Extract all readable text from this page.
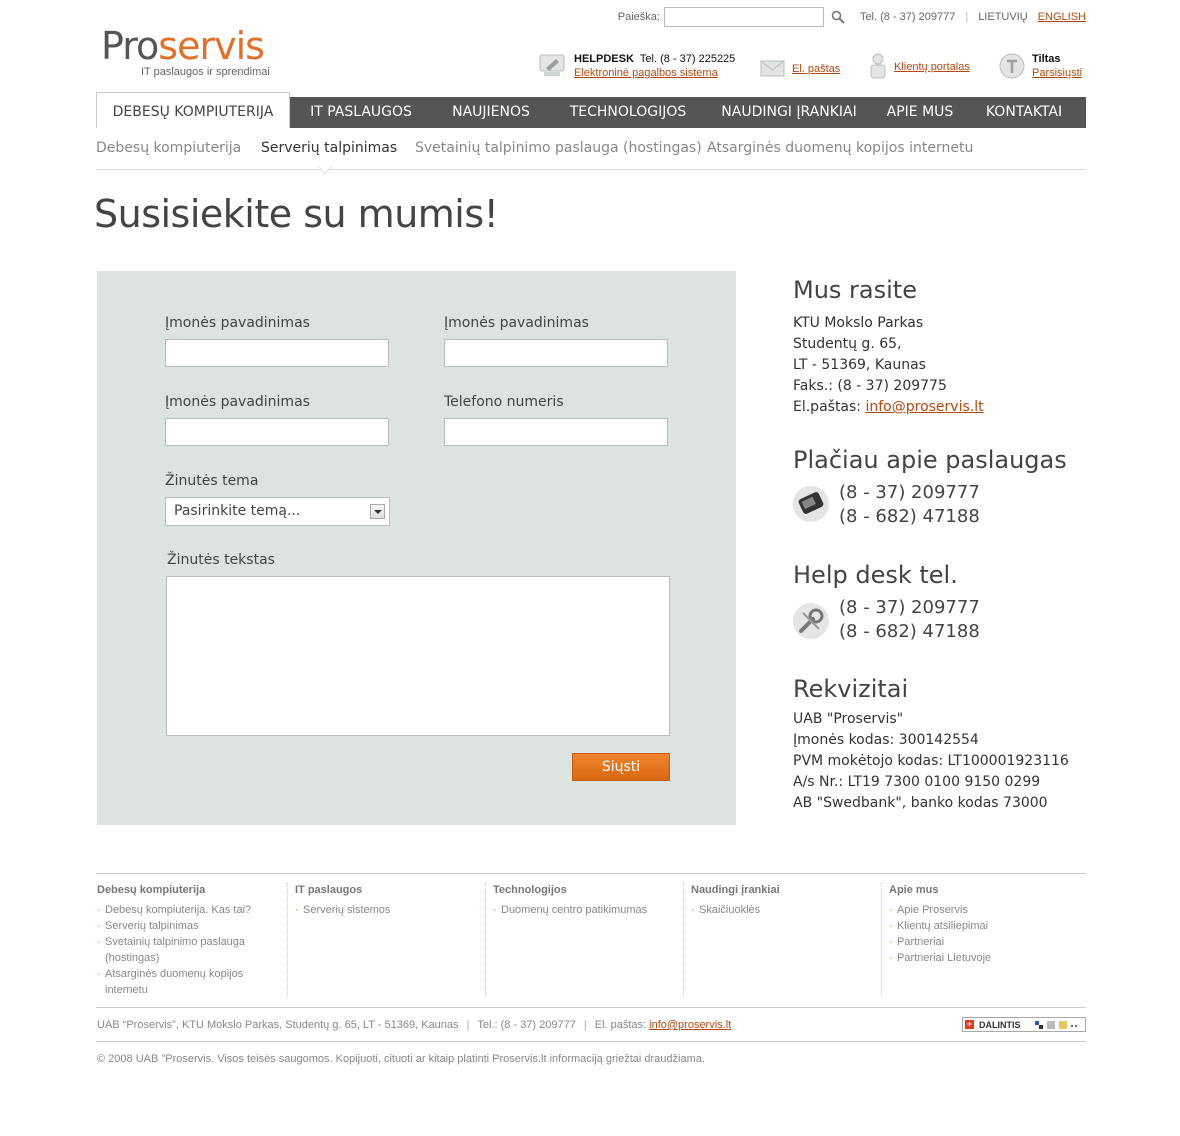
Paieška:	Tel. (8 - 37) 209777 | LIETUVIŲ ENGLISH
Proservis
IT paslaugos ir sprendimai
HELPDESK Tel. (8 - 37) 225225
Elektroninė pagalbos sistema	El. paštas	Klientų portalas
Tiltas
Parsisiųsti
DEBESŲ KOMPIUTERIJA	IT PASLAUGOS	NAUJIENOS	TECHNOLOGIJOS	NAUDINGI ĮRANKIAI	APIE MUS	KONTAKTAI
Debesų kompiuterija Serverių talpinimas Svetainių talpinimo paslauga (hostingas) Atsarginės duomenų kopijos internetu
Susisiekite su mumis!
Įmonės pavadinimas	Įmonės pavadinimas
Įmonės pavadinimas	Telefono numeris
Žinutės tema
Pasirinkite temą...
Žinutės tekstas
Siųsti
Mus rasite
KTU Mokslo Parkas
Studentų g. 65,
LT - 51369, Kaunas
Faks.: (8 - 37) 209775
El.paštas: info@proservis.lt
Plačiau apie paslaugas
(8 - 37) 209777
(8 - 682) 47188
Help desk tel.
(8 - 37) 209777
(8 - 682) 47188
Rekvizitai
UAB "Proservis"
Įmonės kodas: 300142554
PVM mokėtojo kodas: LT100001923116
A/s Nr.: LT19 7300 0100 9150 0299
AB "Swedbank", banko kodas 73000
Debesų kompiuterija
· Debesų kompiuterija. Kas tai?
· Serverių talpinimas
· Svetainių talpinimo paslauga (hostingas)
· Atsarginės duomenų kopijos internetu
IT paslaugos
· Serverių sistemos
Technologijos
· Duomenų centro patikimumas
Naudingi įrankiai
· Skaičiuoklės
Apie mus
· Apie Proservis
· Klientų atsiliepimai
· Partneriai
· Partneriai Lietuvoje
UAB “Proservis”, KTU Mokslo Parkas, Studentų g. 65, LT - 51369, Kaunas | Tel.: (8 - 37) 209777 | El. paštas: info@proservis.lt	+ DALINTIS
© 2008 UAB "Proservis. Visos teisės saugomos. Kopijuoti, cituoti ar kitaip platinti Proservis.lt informaciją griežtai draudžiama.
